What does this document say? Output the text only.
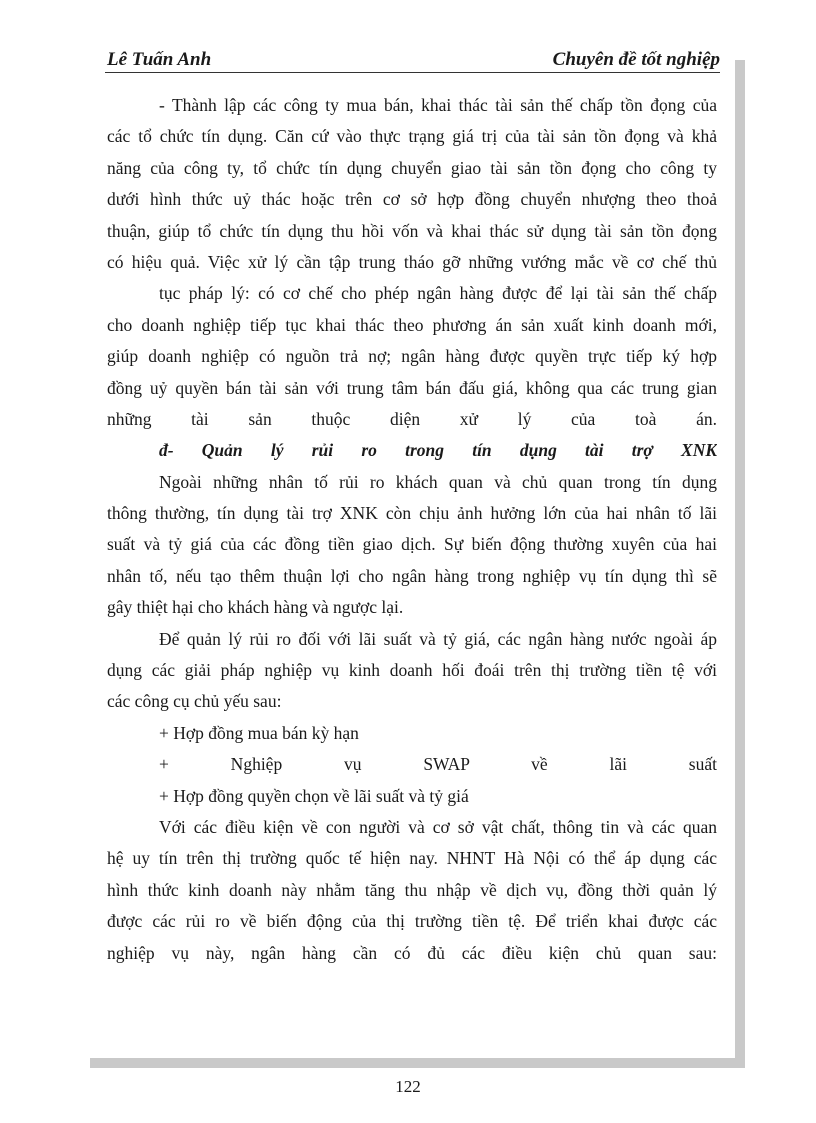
Lê Tuấn Anh	Chuyên đề tốt nghiệp
- Thành lập các công ty mua bán, khai thác tài sản thế chấp tồn đọng của
các tổ chức tín dụng. Căn cứ vào thực trạng giá trị của tài sản tồn đọng và khả
năng của công ty, tổ chức tín dụng chuyển giao tài sản tồn đọng cho công ty
dưới hình thức uỷ thác hoặc trên cơ sở hợp đồng chuyển nhượng theo thoả
thuận, giúp tổ chức tín dụng thu hồi vốn và khai thác sử dụng tài sản tồn đọng
có hiệu quả. Việc xử lý cần tập trung tháo gỡ những vướng mắc về cơ chế thủ
tục pháp lý: có cơ chế cho phép ngân hàng được để lại tài sản thế chấp
cho doanh nghiệp tiếp tục khai thác theo phương án sản xuất kinh doanh mới,
giúp doanh nghiệp có nguồn trả nợ; ngân hàng được quyền trực tiếp ký hợp
đồng uỷ quyền bán tài sản với trung tâm bán đấu giá, không qua các trung gian
những tài sản thuộc diện xử lý của toà án.
đ- Quản lý rủi ro trong tín dụng tài trợ XNK
Ngoài những nhân tố rủi ro khách quan và chủ quan trong tín dụng
thông thường, tín dụng tài trợ XNK còn chịu ảnh hưởng lớn của hai nhân tố lãi
suất và tỷ giá của các đồng tiền giao dịch. Sự biến động thường xuyên của hai
nhân tố, nếu tạo thêm thuận lợi cho ngân hàng trong nghiệp vụ tín dụng thì sẽ
gây thiệt hại cho khách hàng và ngược lại.
Để quản lý rủi ro đối với lãi suất và tỷ giá, các ngân hàng nước ngoài áp
dụng các giải pháp nghiệp vụ kinh doanh hối đoái trên thị trường tiền tệ với
các công cụ chủ yếu sau:
+ Hợp đồng mua bán kỳ hạn
+ Nghiệp vụ SWAP về lãi suất
+ Hợp đồng quyền chọn về lãi suất và tỷ giá
Với các điều kiện về con người và cơ sở vật chất, thông tin và các quan
hệ uy tín trên thị trường quốc tế hiện nay. NHNT Hà Nội có thể áp dụng các
hình thức kinh doanh này nhằm tăng thu nhập về dịch vụ, đồng thời quản lý
được các rủi ro về biến động của thị trường tiền tệ. Để triển khai được các
nghiệp vụ này, ngân hàng cần có đủ các điều kiện chủ quan sau:
122
